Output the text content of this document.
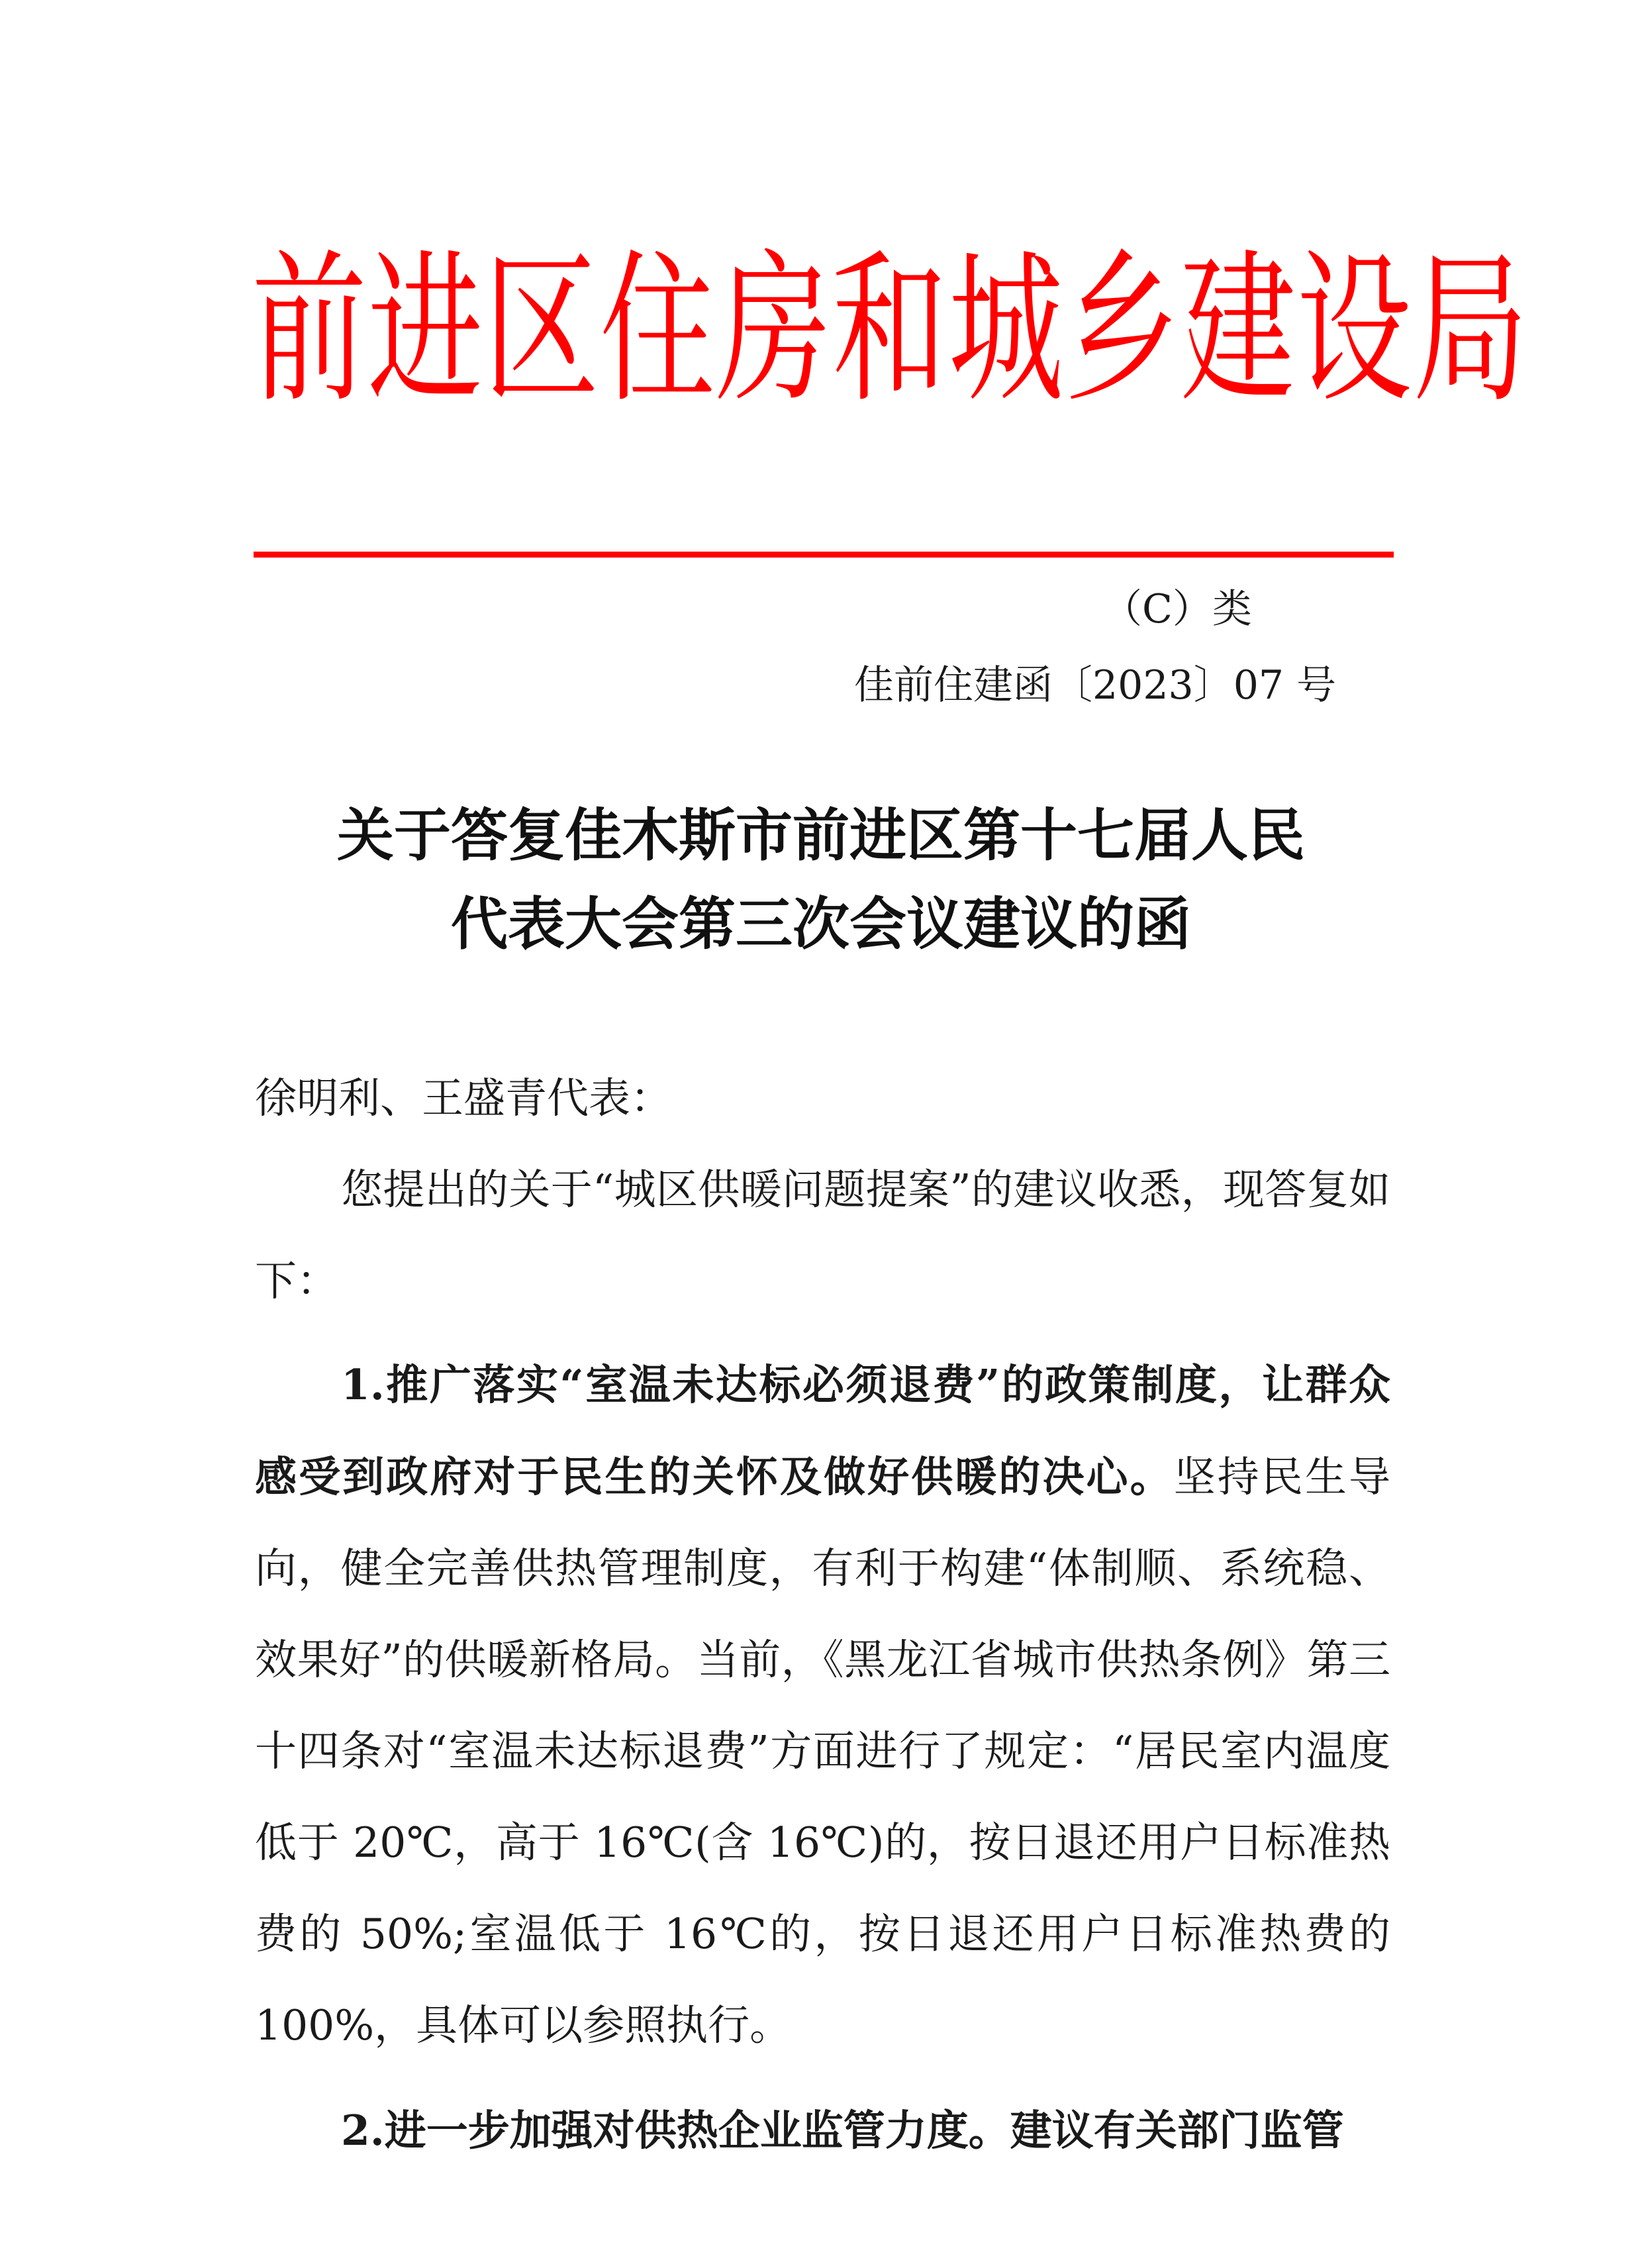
前进区住房和城乡建设局
（C）类
佳前住建函〔2023〕07 号
关于答复佳木斯市前进区第十七届人民
代表大会第三次会议建议的函

徐明利、王盛青代表：

您提出的关于“城区供暖问题提案”的建议收悉，现答复如下：

1.推广落实“室温未达标必须退费”的政策制度，让群众感受到政府对于民生的关怀及做好供暖的决心。坚持民生导向，健全完善供热管理制度，有利于构建“体制顺、系统稳、效果好”的供暖新格局。当前，《黑龙江省城市供热条例》第三十四条对“室温未达标退费”方面进行了规定：“居民室内温度低于 20℃，高于 16℃(含 16℃)的，按日退还用户日标准热费的 50%;室温低于 16℃的，按日退还用户日标准热费的100%，具体可以参照执行。

2.进一步加强对供热企业监管力度。建议有关部门监管
